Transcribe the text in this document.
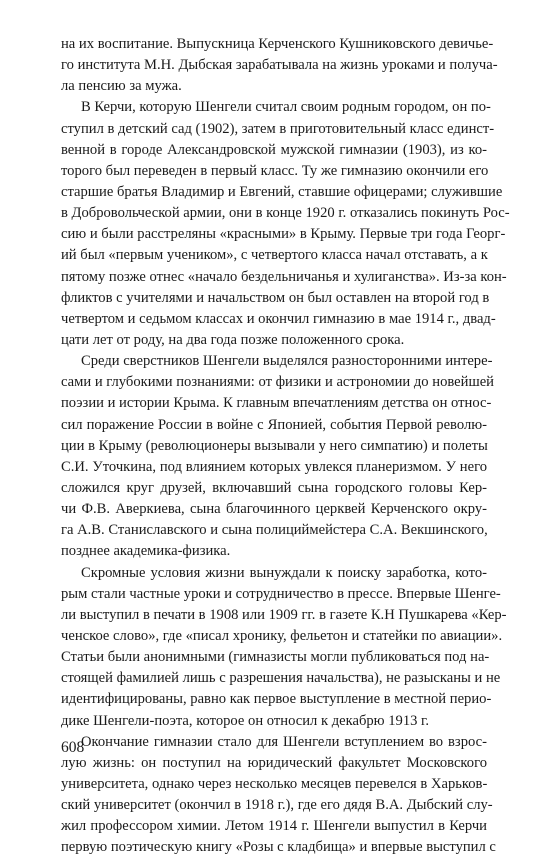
на их воспитание. Выпускница Керченского Кушниковского девичье-
го института М.Н. Дыбская зарабатывала на жизнь уроками и получа-
ла пенсию за мужа.

В Керчи, которую Шенгели считал своим родным городом, он по-
ступил в детский сад (1902), затем в приготовительный класс единст-
венной в городе Александровской мужской гимназии (1903), из ко-
торого был переведен в первый класс. Ту же гимназию окончили его
старшие братья Владимир и Евгений, ставшие офицерами; служившие
в Добровольческой армии, они в конце 1920 г. отказались покинуть Рос-
сию и были расстреляны «красными» в Крыму. Первые три года Георг-
ий был «первым учеником», с четвертого класса начал отставать, а к
пятому позже отнес «начало бездельничанья и хулиганства». Из-за кон-
фликтов с учителями и начальством он был оставлен на второй год в
четвертом и седьмом классах и окончил гимназию в мае 1914 г., двад-
цати лет от роду, на два года позже положенного срока.

Среди сверстников Шенгели выделялся разносторонними интере-
сами и глубокими познаниями: от физики и астрономии до новейшей
поэзии и истории Крыма. К главным впечатлениям детства он относ-
сил поражение России в войне с Японией, события Первой револю-
ции в Крыму (революционеры вызывали у него симпатию) и полеты
С.И. Уточкина, под влиянием которых увлекся планеризмом. У него
сложился круг друзей, включавший сына городского головы Кер-
чи Ф.В. Аверкиева, сына благочинного церквей Керченского окру-
га А.В. Станиславского и сына полициймейстера С.А. Векшинского,
позднее академика-физика.

Скромные условия жизни вынуждали к поиску заработка, кото-
рым стали частные уроки и сотрудничество в прессе. Впервые Шенге-
ли выступил в печати в 1908 или 1909 гг. в газете К.Н Пушкарева «Кер-
ченское слово», где «писал хронику, фельетон и статейки по авиации».
Статьи были анонимными (гимназисты могли публиковаться под на-
стоящей фамилией лишь с разрешения начальства), не разысканы и не
идентифицированы, равно как первое выступление в местной перио-
дике Шенгели-поэта, которое он относил к декабрю 1913 г.

Окончание гимназии стало для Шенгели вступлением во взрос-
лую жизнь: он поступил на юридический факультет Московского
университета, однако через несколько месяцев перевелся в Харьков-
ский университет (окончил в 1918 г.), где его дядя В.А. Дыбский слу-
жил профессором химии. Летом 1914 г. Шенгели выпустил в Керчи
первую поэтическую книгу «Розы с кладбища» и впервые выступил с

608
